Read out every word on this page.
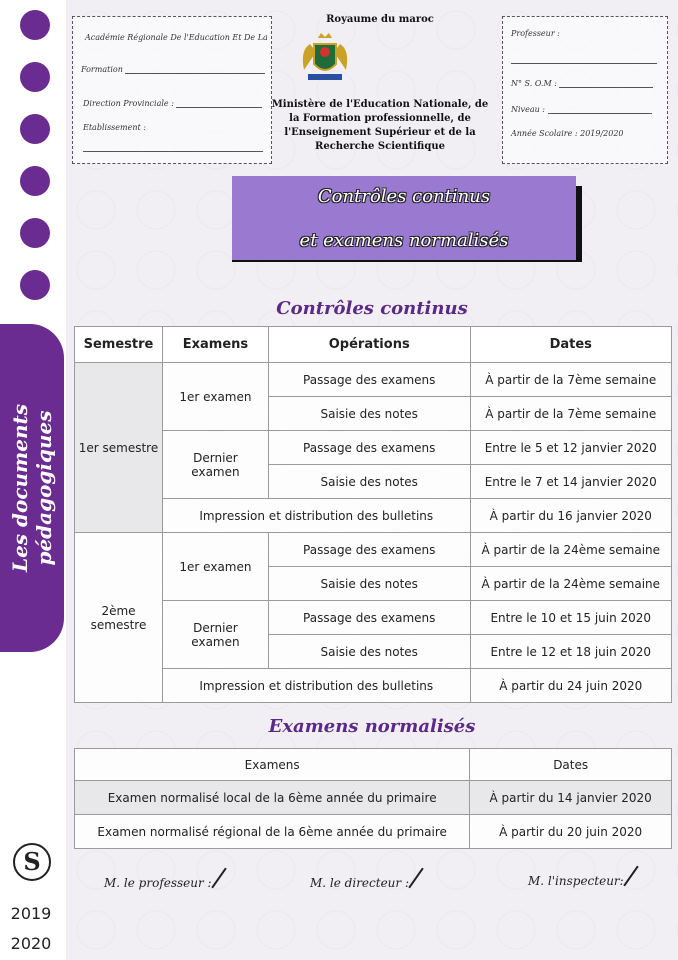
Les documents pédagogiques
S
2019
2020
Académie Régionale De l'Education Et De La
Formation
Direction Provinciale :
Etablissement :
Royaume du maroc
Ministère de l'Education Nationale, de
la Formation professionnelle, de
l'Enseignement Supérieur et de la
Recherche Scientifique
Professeur :
N° S. O.M :
Niveau :
Année Scolaire : 2019/2020
Contrôles continus
et examens normalisés
Contrôles continus
Semestre	Examens	Opérations	Dates
1er semestre	1er examen	Passage des examens	À partir de la 7ème semaine
		Saisie des notes	À partir de la 7ème semaine
	Dernier examen	Passage des examens	Entre le 5 et 12 janvier 2020
		Saisie des notes	Entre le 7 et 14 janvier 2020
	Impression et distribution des bulletins		À partir du 16 janvier 2020
2ème semestre	1er examen	Passage des examens	À partir de la 24ème semaine
		Saisie des notes	À partir de la 24ème semaine
	Dernier examen	Passage des examens	Entre le 10 et 15 juin 2020
		Saisie des notes	Entre le 12 et 18 juin 2020
	Impression et distribution des bulletins		À partir du 24 juin 2020
Examens normalisés
Examens	Dates
Examen normalisé local de la 6ème année du primaire	À partir du 14 janvier 2020
Examen normalisé régional de la 6ème année du primaire	À partir du 20 juin 2020
M. le professeur :	M. le directeur :	M. l'inspecteur:
